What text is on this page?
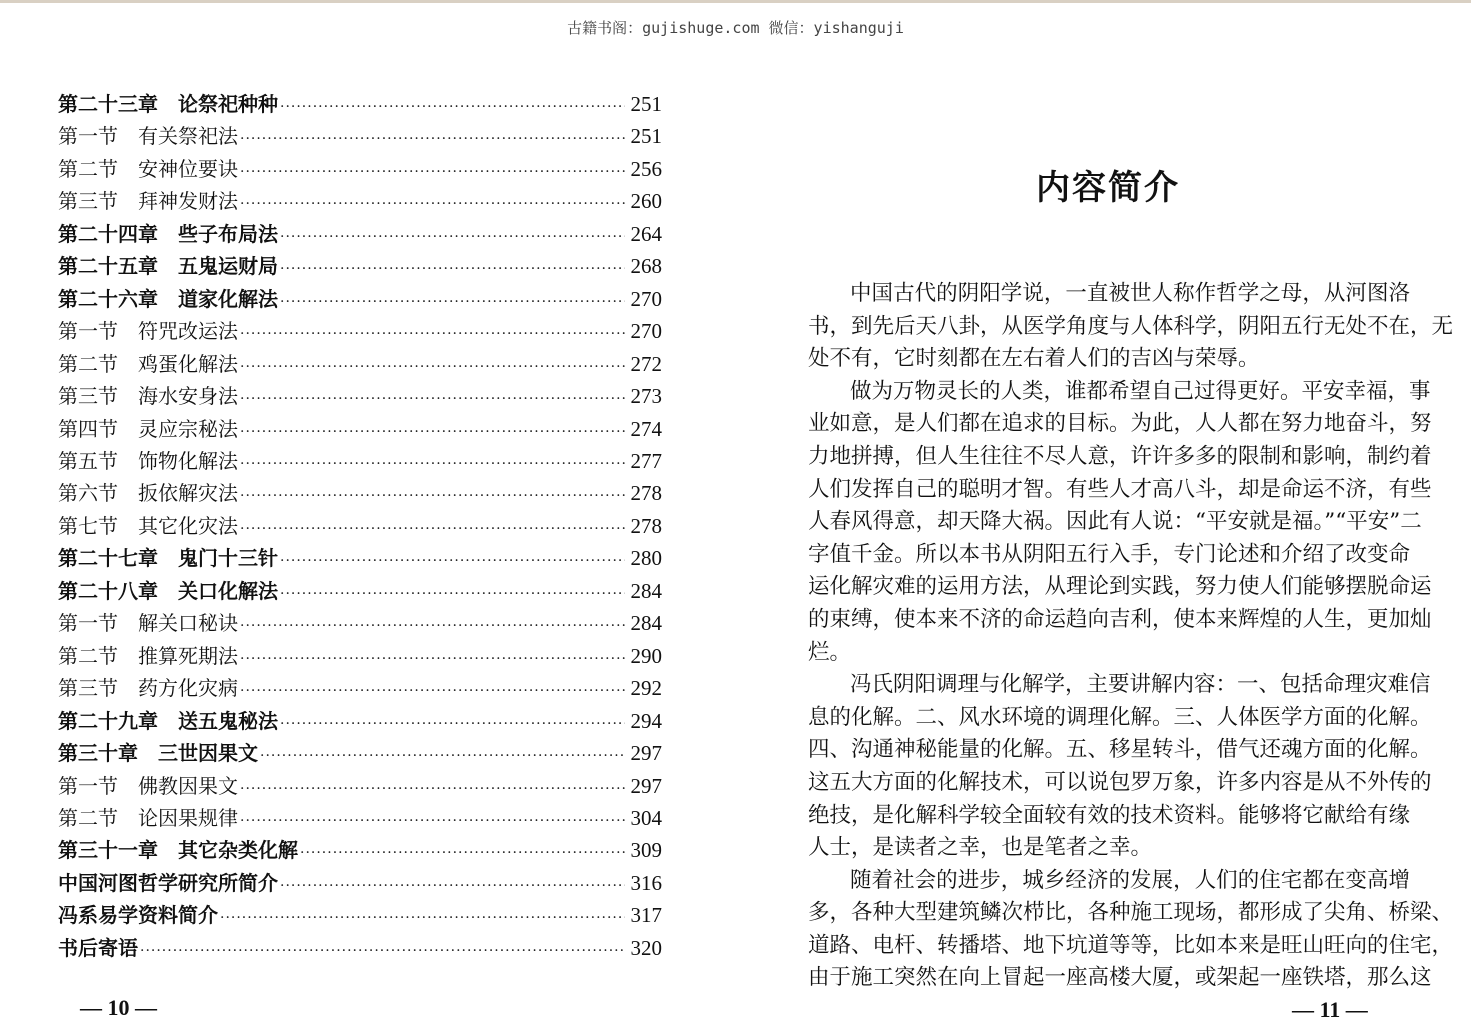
古籍书阁：gujishuge.com 微信：yishanguji
第二十三章　论祭祀种种 ·····	251
第一节　有关祭祀法 ·····	251
第二节　安神位要诀 ·····	256
第三节　拜神发财法 ·····	260
第二十四章　些子布局法 ·····	264
第二十五章　五鬼运财局 ·····	268
第二十六章　道家化解法 ·····	270
第一节　符咒改运法 ·····	270
第二节　鸡蛋化解法 ·····	272
第三节　海水安身法 ·····	273
第四节　灵应宗秘法 ·····	274
第五节　饰物化解法 ·····	277
第六节　扳依解灾法 ·····	278
第七节　其它化灾法 ·····	278
第二十七章　鬼门十三针 ·····	280
第二十八章　关口化解法 ·····	284
第一节　解关口秘诀 ·····	284
第二节　推算死期法 ·····	290
第三节　药方化灾病 ·····	292
第二十九章　送五鬼秘法 ·····	294
第三十章　三世因果文 ·····	297
第一节　佛教因果文 ·····	297
第二节　论因果规律 ·····	304
第三十一章　其它杂类化解 ·····	309
中国河图哲学研究所简介 ·····	316
冯系易学资料简介 ·····	317
书后寄语 ·····	320
— 10 —
内容简介
中国古代的阴阳学说，一直被世人称作哲学之母，从河图洛
书，到先后天八卦，从医学角度与人体科学，阴阳五行无处不在，无
处不有，它时刻都在左右着人们的吉凶与荣辱。
做为万物灵长的人类，谁都希望自己过得更好。平安幸福，事
业如意，是人们都在追求的目标。为此，人人都在努力地奋斗，努
力地拼搏，但人生往往不尽人意，许许多多的限制和影响，制约着
人们发挥自己的聪明才智。有些人才高八斗，却是命运不济，有些
人春风得意，却天降大祸。因此有人说：“平安就是福。”“平安”二
字值千金。所以本书从阴阳五行入手，专门论述和介绍了改变命
运化解灾难的运用方法，从理论到实践，努力使人们能够摆脱命运
的束缚，使本来不济的命运趋向吉利，使本来辉煌的人生，更加灿
烂。
冯氏阴阳调理与化解学，主要讲解内容：一、包括命理灾难信
息的化解。二、风水环境的调理化解。三、人体医学方面的化解。
四、沟通神秘能量的化解。五、移星转斗，借气还魂方面的化解。
这五大方面的化解技术，可以说包罗万象，许多内容是从不外传的
绝技，是化解科学较全面较有效的技术资料。能够将它献给有缘
人士，是读者之幸，也是笔者之幸。
随着社会的进步，城乡经济的发展，人们的住宅都在变高增
多，各种大型建筑鳞次栉比，各种施工现场，都形成了尖角、桥梁、
道路、电杆、转播塔、地下坑道等等，比如本来是旺山旺向的住宅，
由于施工突然在向上冒起一座高楼大厦，或架起一座铁塔，那么这
— 11 —
